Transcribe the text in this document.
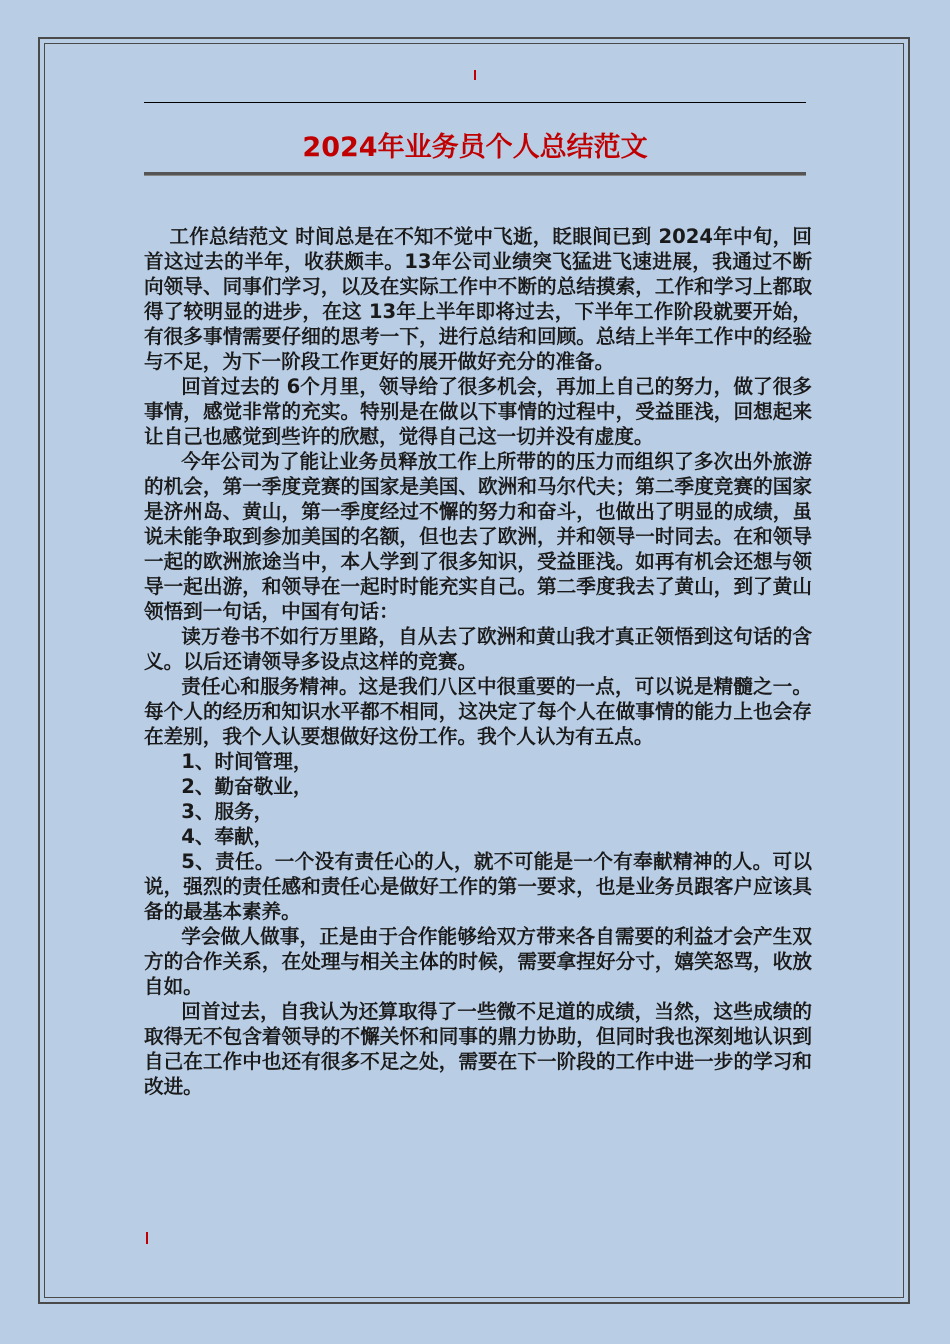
2024年业务员个人总结范文

工作总结范文 时间总是在不知不觉中飞逝，眨眼间已到 2024年中旬，回首这过去的半年，收获颇丰。13年公司业绩突飞猛进飞速进展，我通过不断向领导、同事们学习，以及在实际工作中不断的总结摸索，工作和学习上都取得了较明显的进步，在这 13年上半年即将过去，下半年工作阶段就要开始，有很多事情需要仔细的思考一下，进行总结和回顾。总结上半年工作中的经验与不足，为下一阶段工作更好的展开做好充分的准备。

回首过去的 6个月里，领导给了很多机会，再加上自己的努力，做了很多事情，感觉非常的充实。特别是在做以下事情的过程中，受益匪浅，回想起来让自己也感觉到些许的欣慰，觉得自己这一切并没有虚度。

今年公司为了能让业务员释放工作上所带的的压力而组织了多次出外旅游的机会，第一季度竞赛的国家是美国、欧洲和马尔代夫；第二季度竞赛的国家是济州岛、黄山，第一季度经过不懈的努力和奋斗，也做出了明显的成绩，虽说未能争取到参加美国的名额，但也去了欧洲，并和领导一时同去。在和领导一起的欧洲旅途当中，本人学到了很多知识，受益匪浅。如再有机会还想与领导一起出游，和领导在一起时时能充实自己。第二季度我去了黄山，到了黄山领悟到一句话，中国有句话：

读万卷书不如行万里路，自从去了欧洲和黄山我才真正领悟到这句话的含义。以后还请领导多设点这样的竞赛。

责任心和服务精神。这是我们八区中很重要的一点，可以说是精髓之一。每个人的经历和知识水平都不相同，这决定了每个人在做事情的能力上也会存在差别，我个人认要想做好这份工作。我个人认为有五点。

1、时间管理，

2、勤奋敬业，

3、服务，

4、奉献，

5、责任。一个没有责任心的人，就不可能是一个有奉献精神的人。可以说，强烈的责任感和责任心是做好工作的第一要求，也是业务员跟客户应该具备的最基本素养。

学会做人做事，正是由于合作能够给双方带来各自需要的利益才会产生双方的合作关系，在处理与相关主体的时候，需要拿捏好分寸，嬉笑怒骂，收放自如。

回首过去，自我认为还算取得了一些微不足道的成绩，当然，这些成绩的取得无不包含着领导的不懈关怀和同事的鼎力协助，但同时我也深刻地认识到自己在工作中也还有很多不足之处，需要在下一阶段的工作中进一步的学习和改进。
